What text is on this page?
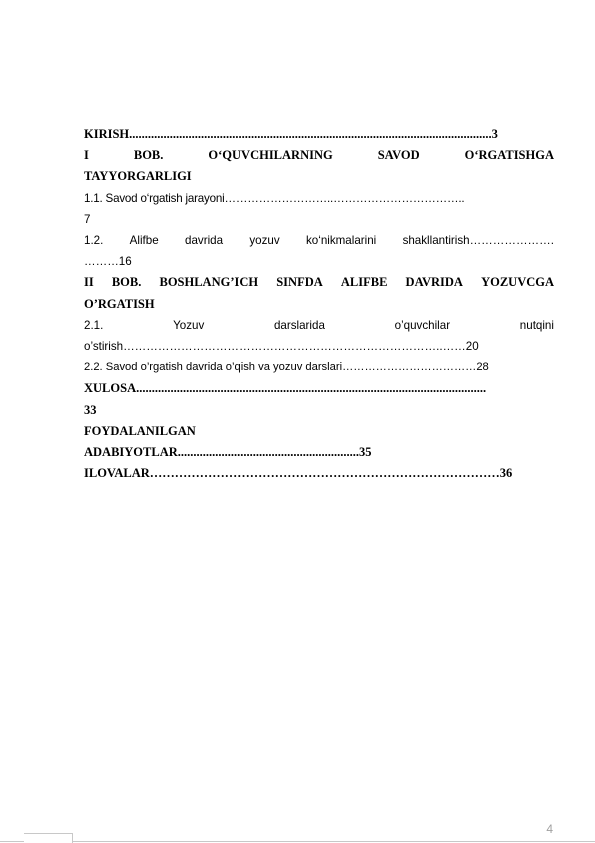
KIRISH....................................................................................................................3
I	BOB.	O‘QUVCHILARNING	SAVOD	O‘RGATISHGA
TAYYORGARLIGI
1.1. Savod o‘rgatish jarayoni………………………..……………………………..
7
1.2. Alifbe davrida yozuv ko‘nikmalarini shakllantirish………………….
………16
II BOB. BOSHLANG’ICH SINFDA ALIFBE DAVRIDA YOZUVCGA
O’RGATISH
2.1.	Yozuv	darslarida	o’quvchilar	nutqini
o’stirish………………………………………………………………………..……20
2.2. Savod o’rgatish davrida o’qish va yozuv darslari………………………………28
XULOSA................................................................................................................
33
FOYDALANILGAN
ADABIYOTLAR..........................................................35
ILOVALAR…………………………………………………………………………36
4
